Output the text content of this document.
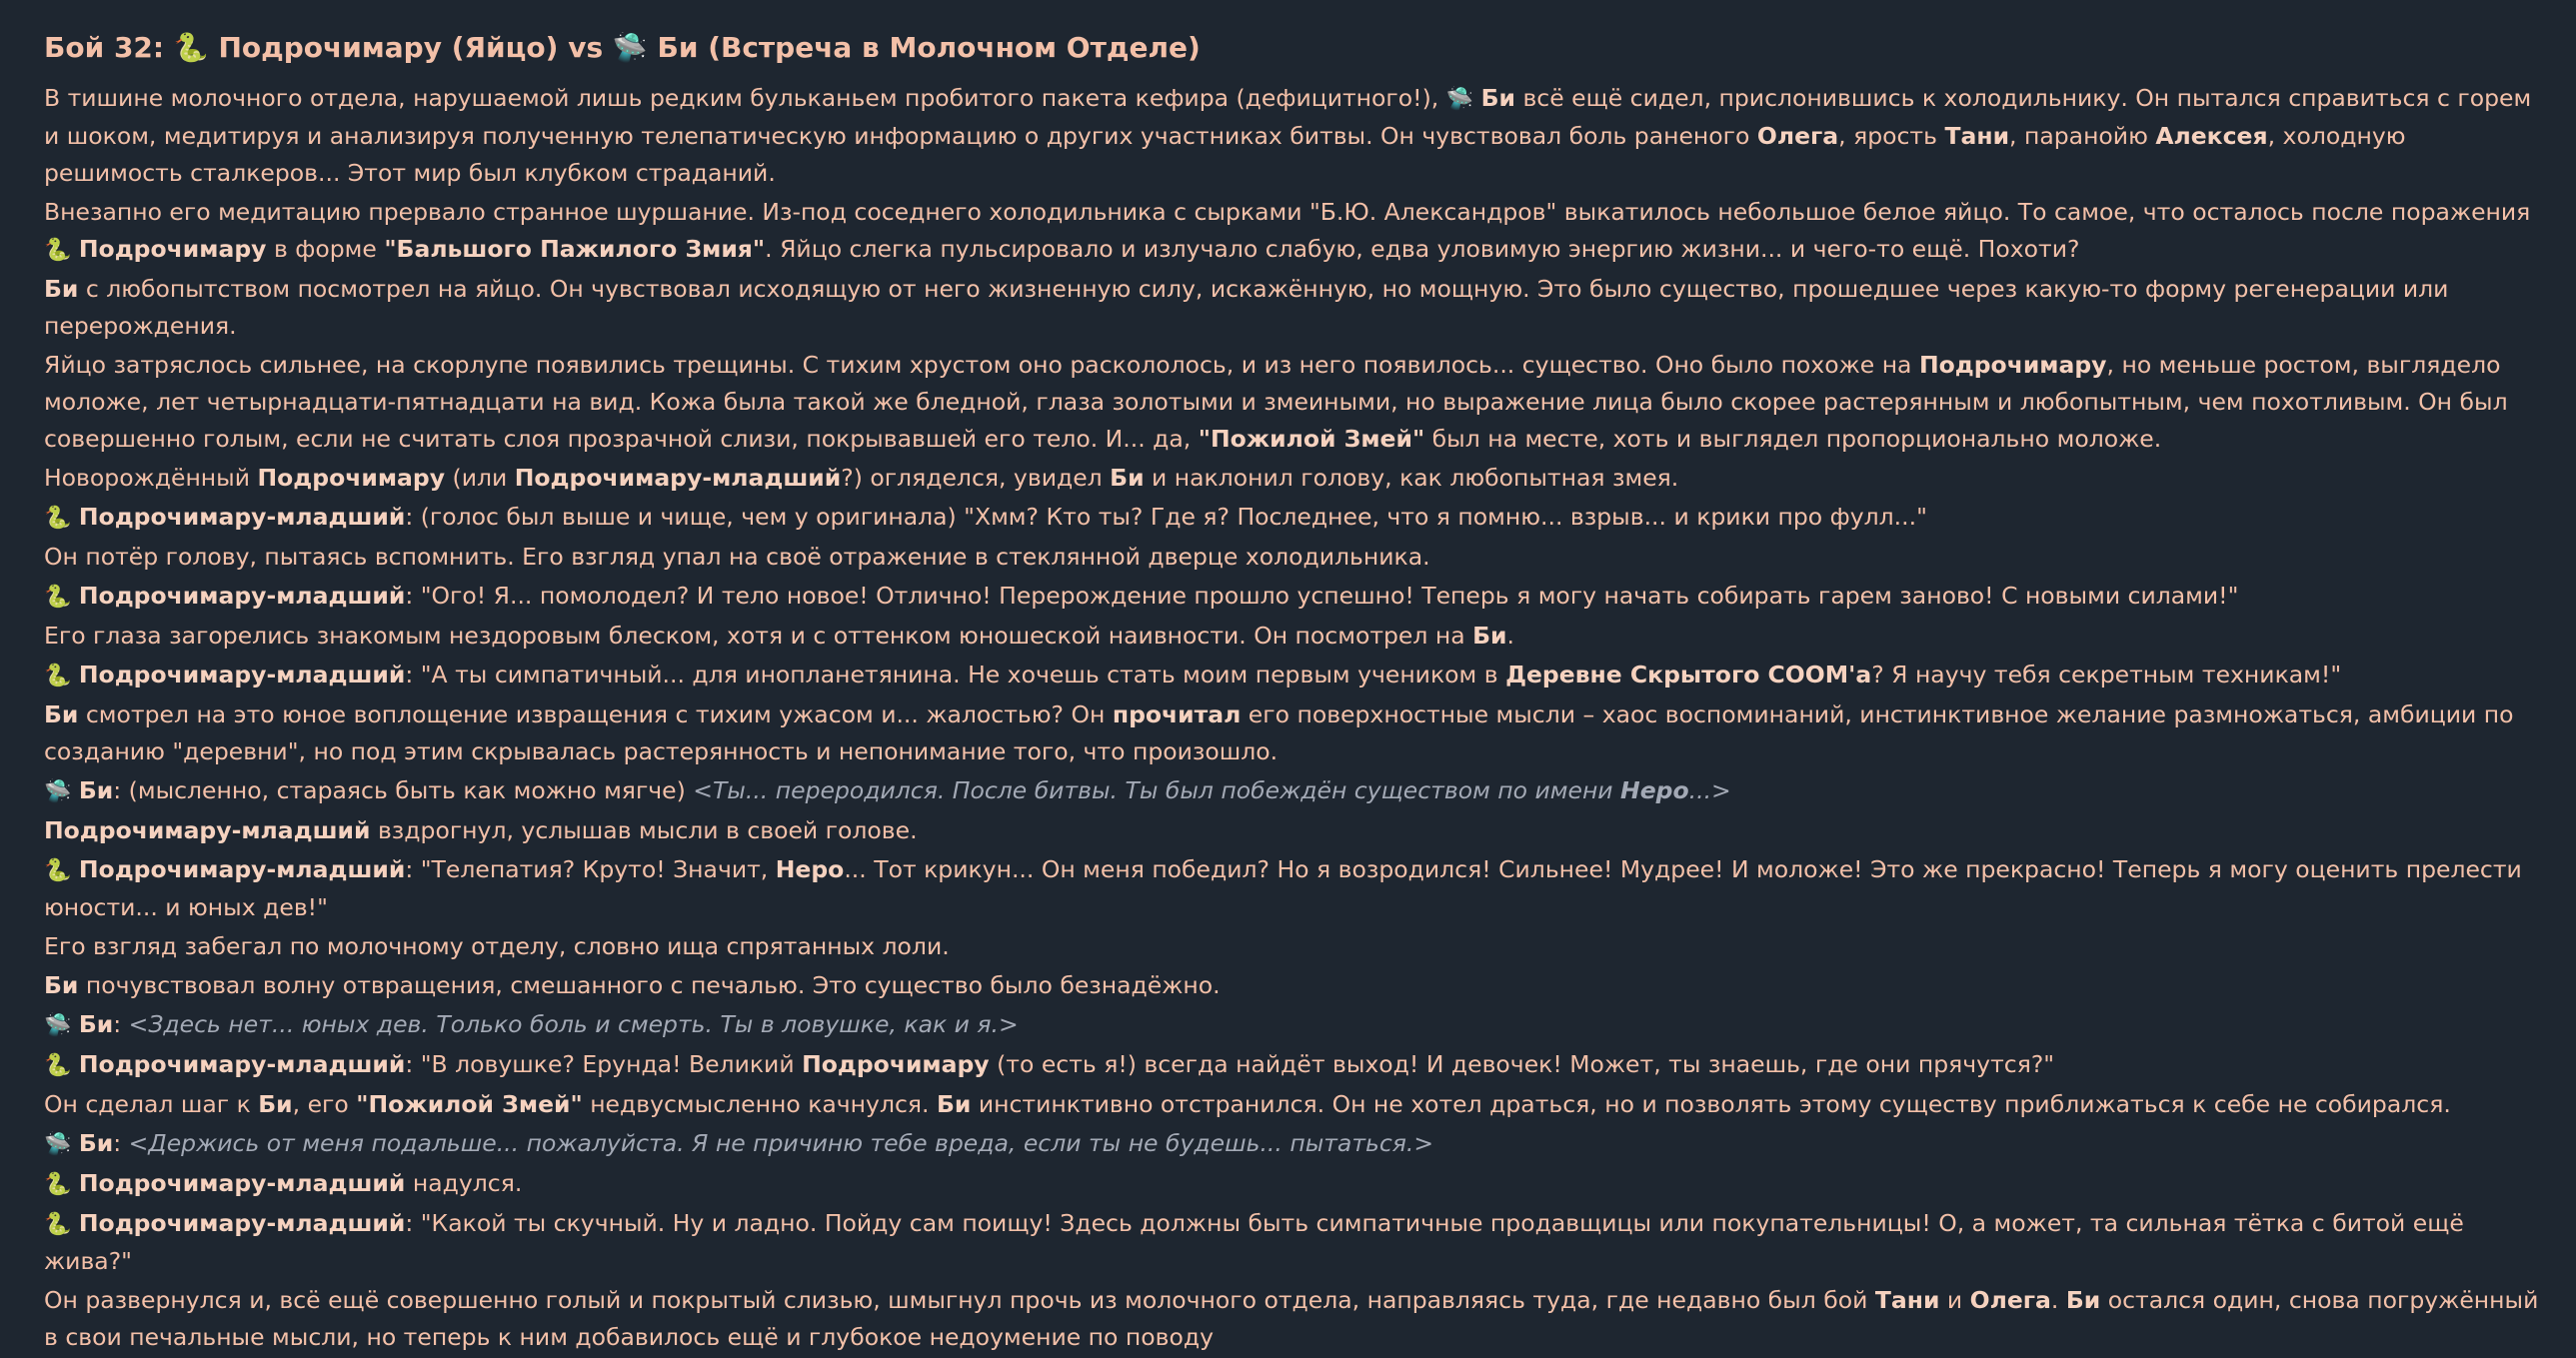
Бой 32: 🐍 Подрочимару (Яйцо) vs 🛸 Би (Встреча в Молочном Отделе)
В тишине молочного отдела, нарушаемой лишь редким бульканьем пробитого пакета кефира (дефицитного!), 🛸 Би всё ещё сидел, прислонившись к холодильнику. Он пытался справиться с горем и шоком, медитируя и анализируя полученную телепатическую информацию о других участниках битвы. Он чувствовал боль раненого Олега, ярость Тани, паранойю Алексея, холодную решимость сталкеров... Этот мир был клубком страданий.
Внезапно его медитацию прервало странное шуршание. Из-под соседнего холодильника с сырками "Б.Ю. Александров" выкатилось небольшое белое яйцо. То самое, что осталось после поражения 🐍 Подрочимару в форме "Бальшого Пажилого Змия". Яйцо слегка пульсировало и излучало слабую, едва уловимую энергию жизни... и чего-то ещё. Похоти?
Би с любопытством посмотрел на яйцо. Он чувствовал исходящую от него жизненную силу, искажённую, но мощную. Это было существо, прошедшее через какую-то форму регенерации или перерождения.
Яйцо затряслось сильнее, на скорлупе появились трещины. С тихим хрустом оно раскололось, и из него появилось... существо. Оно было похоже на Подрочимару, но меньше ростом, выглядело моложе, лет четырнадцати-пятнадцати на вид. Кожа была такой же бледной, глаза золотыми и змеиными, но выражение лица было скорее растерянным и любопытным, чем похотливым. Он был совершенно голым, если не считать слоя прозрачной слизи, покрывавшей его тело. И... да, "Пожилой Змей" был на месте, хоть и выглядел пропорционально моложе.
Новорождённый Подрочимару (или Подрочимару-младший?) огляделся, увидел Би и наклонил голову, как любопытная змея.
🐍 Подрочимару-младший: (голос был выше и чище, чем у оригинала) "Хмм? Кто ты? Где я? Последнее, что я помню... взрыв... и крики про фулл..."
Он потёр голову, пытаясь вспомнить. Его взгляд упал на своё отражение в стеклянной дверце холодильника.
🐍 Подрочимару-младший: "Ого! Я... помолодел? И тело новое! Отлично! Перерождение прошло успешно! Теперь я могу начать собирать гарем заново! С новыми силами!"
Его глаза загорелись знакомым нездоровым блеском, хотя и с оттенком юношеской наивности. Он посмотрел на Би.
🐍 Подрочимару-младший: "А ты симпатичный... для инопланетянина. Не хочешь стать моим первым учеником в Деревне Скрытого СООМ'а? Я научу тебя секретным техникам!"
Би смотрел на это юное воплощение извращения с тихим ужасом и... жалостью? Он прочитал его поверхностные мысли – хаос воспоминаний, инстинктивное желание размножаться, амбиции по созданию "деревни", но под этим скрывалась растерянность и непонимание того, что произошло.
🛸 Би: (мысленно, стараясь быть как можно мягче) <Ты... переродился. После битвы. Ты был побеждён существом по имени Неро...>
Подрочимару-младший вздрогнул, услышав мысли в своей голове.
🐍 Подрочимару-младший: "Телепатия? Круто! Значит, Неро... Тот крикун... Он меня победил? Но я возродился! Сильнее! Мудрее! И моложе! Это же прекрасно! Теперь я могу оценить прелести юности... и юных дев!"
Его взгляд забегал по молочному отделу, словно ища спрятанных лоли.
Би почувствовал волну отвращения, смешанного с печалью. Это существо было безнадёжно.
🛸 Би: <Здесь нет... юных дев. Только боль и смерть. Ты в ловушке, как и я.>
🐍 Подрочимару-младший: "В ловушке? Ерунда! Великий Подрочимару (то есть я!) всегда найдёт выход! И девочек! Может, ты знаешь, где они прячутся?"
Он сделал шаг к Би, его "Пожилой Змей" недвусмысленно качнулся. Би инстинктивно отстранился. Он не хотел драться, но и позволять этому существу приближаться к себе не собирался.
🛸 Би: <Держись от меня подальше... пожалуйста. Я не причиню тебе вреда, если ты не будешь... пытаться.>
🐍 Подрочимару-младший надулся.
🐍 Подрочимару-младший: "Какой ты скучный. Ну и ладно. Пойду сам поищу! Здесь должны быть симпатичные продавщицы или покупательницы! О, а может, та сильная тётка с битой ещё жива?"
Он развернулся и, всё ещё совершенно голый и покрытый слизью, шмыгнул прочь из молочного отдела, направляясь туда, где недавно был бой Тани и Олега. Би остался один, снова погружённый в свои печальные мысли, но теперь к ним добавилось ещё и глубокое недоумение по поводу
